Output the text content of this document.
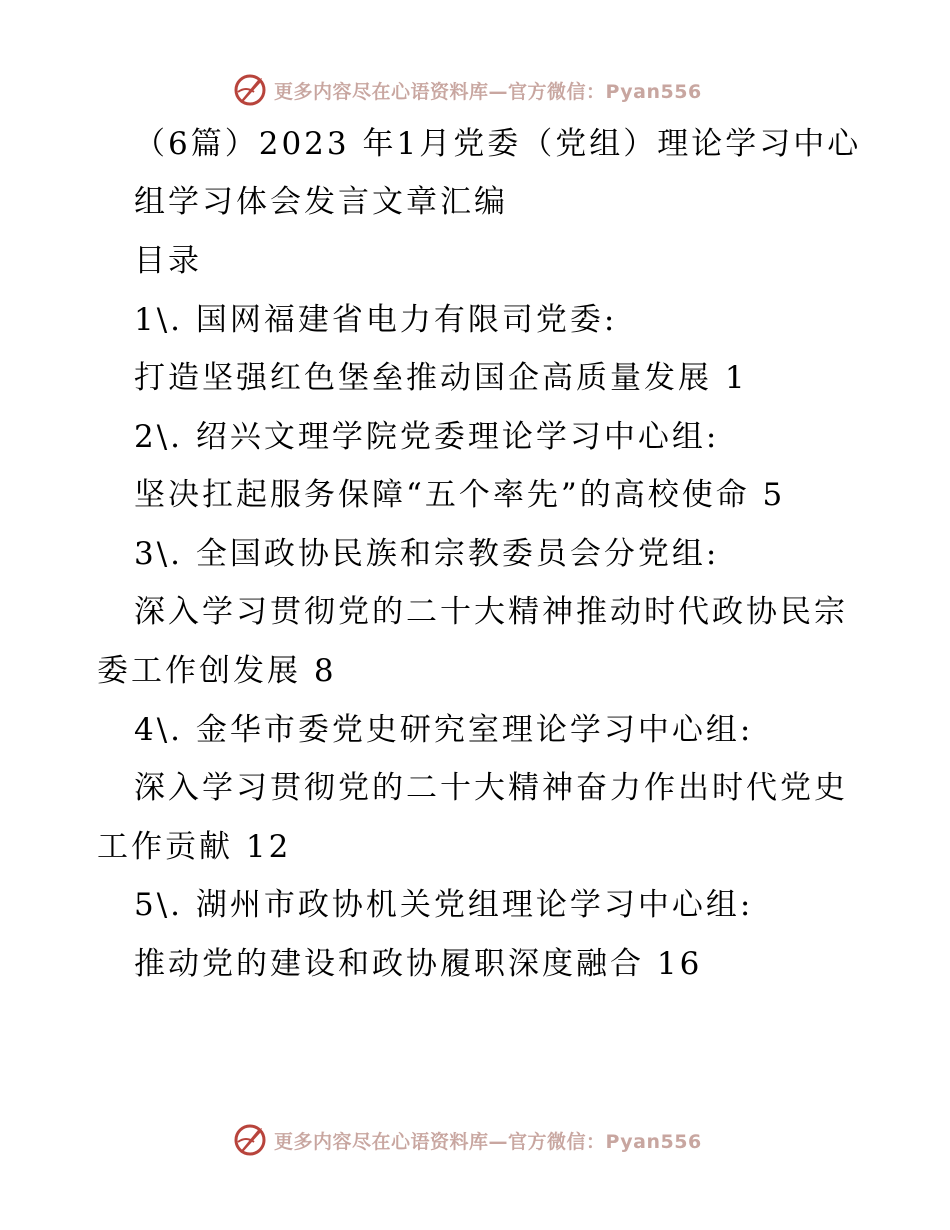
更多内容尽在心语资料库—官方微信：Pyan556
（6篇）2023 年1月党委（党组）理论学习中心
组学习体会发言文章汇编
目录
1\. 国网福建省电力有限司党委:
打造坚强红色堡垒推动国企高质量发展 1
2\. 绍兴文理学院党委理论学习中心组:
坚决扛起服务保障“五个率先”的高校使命 5
3\. 全国政协民族和宗教委员会分党组:
深入学习贯彻党的二十大精神推动时代政协民宗
委工作创发展 8
4\. 金华市委党史研究室理论学习中心组:
深入学习贯彻党的二十大精神奋力作出时代党史
工作贡献 12
5\. 湖州市政协机关党组理论学习中心组:
推动党的建设和政协履职深度融合 16
更多内容尽在心语资料库—官方微信：Pyan556
